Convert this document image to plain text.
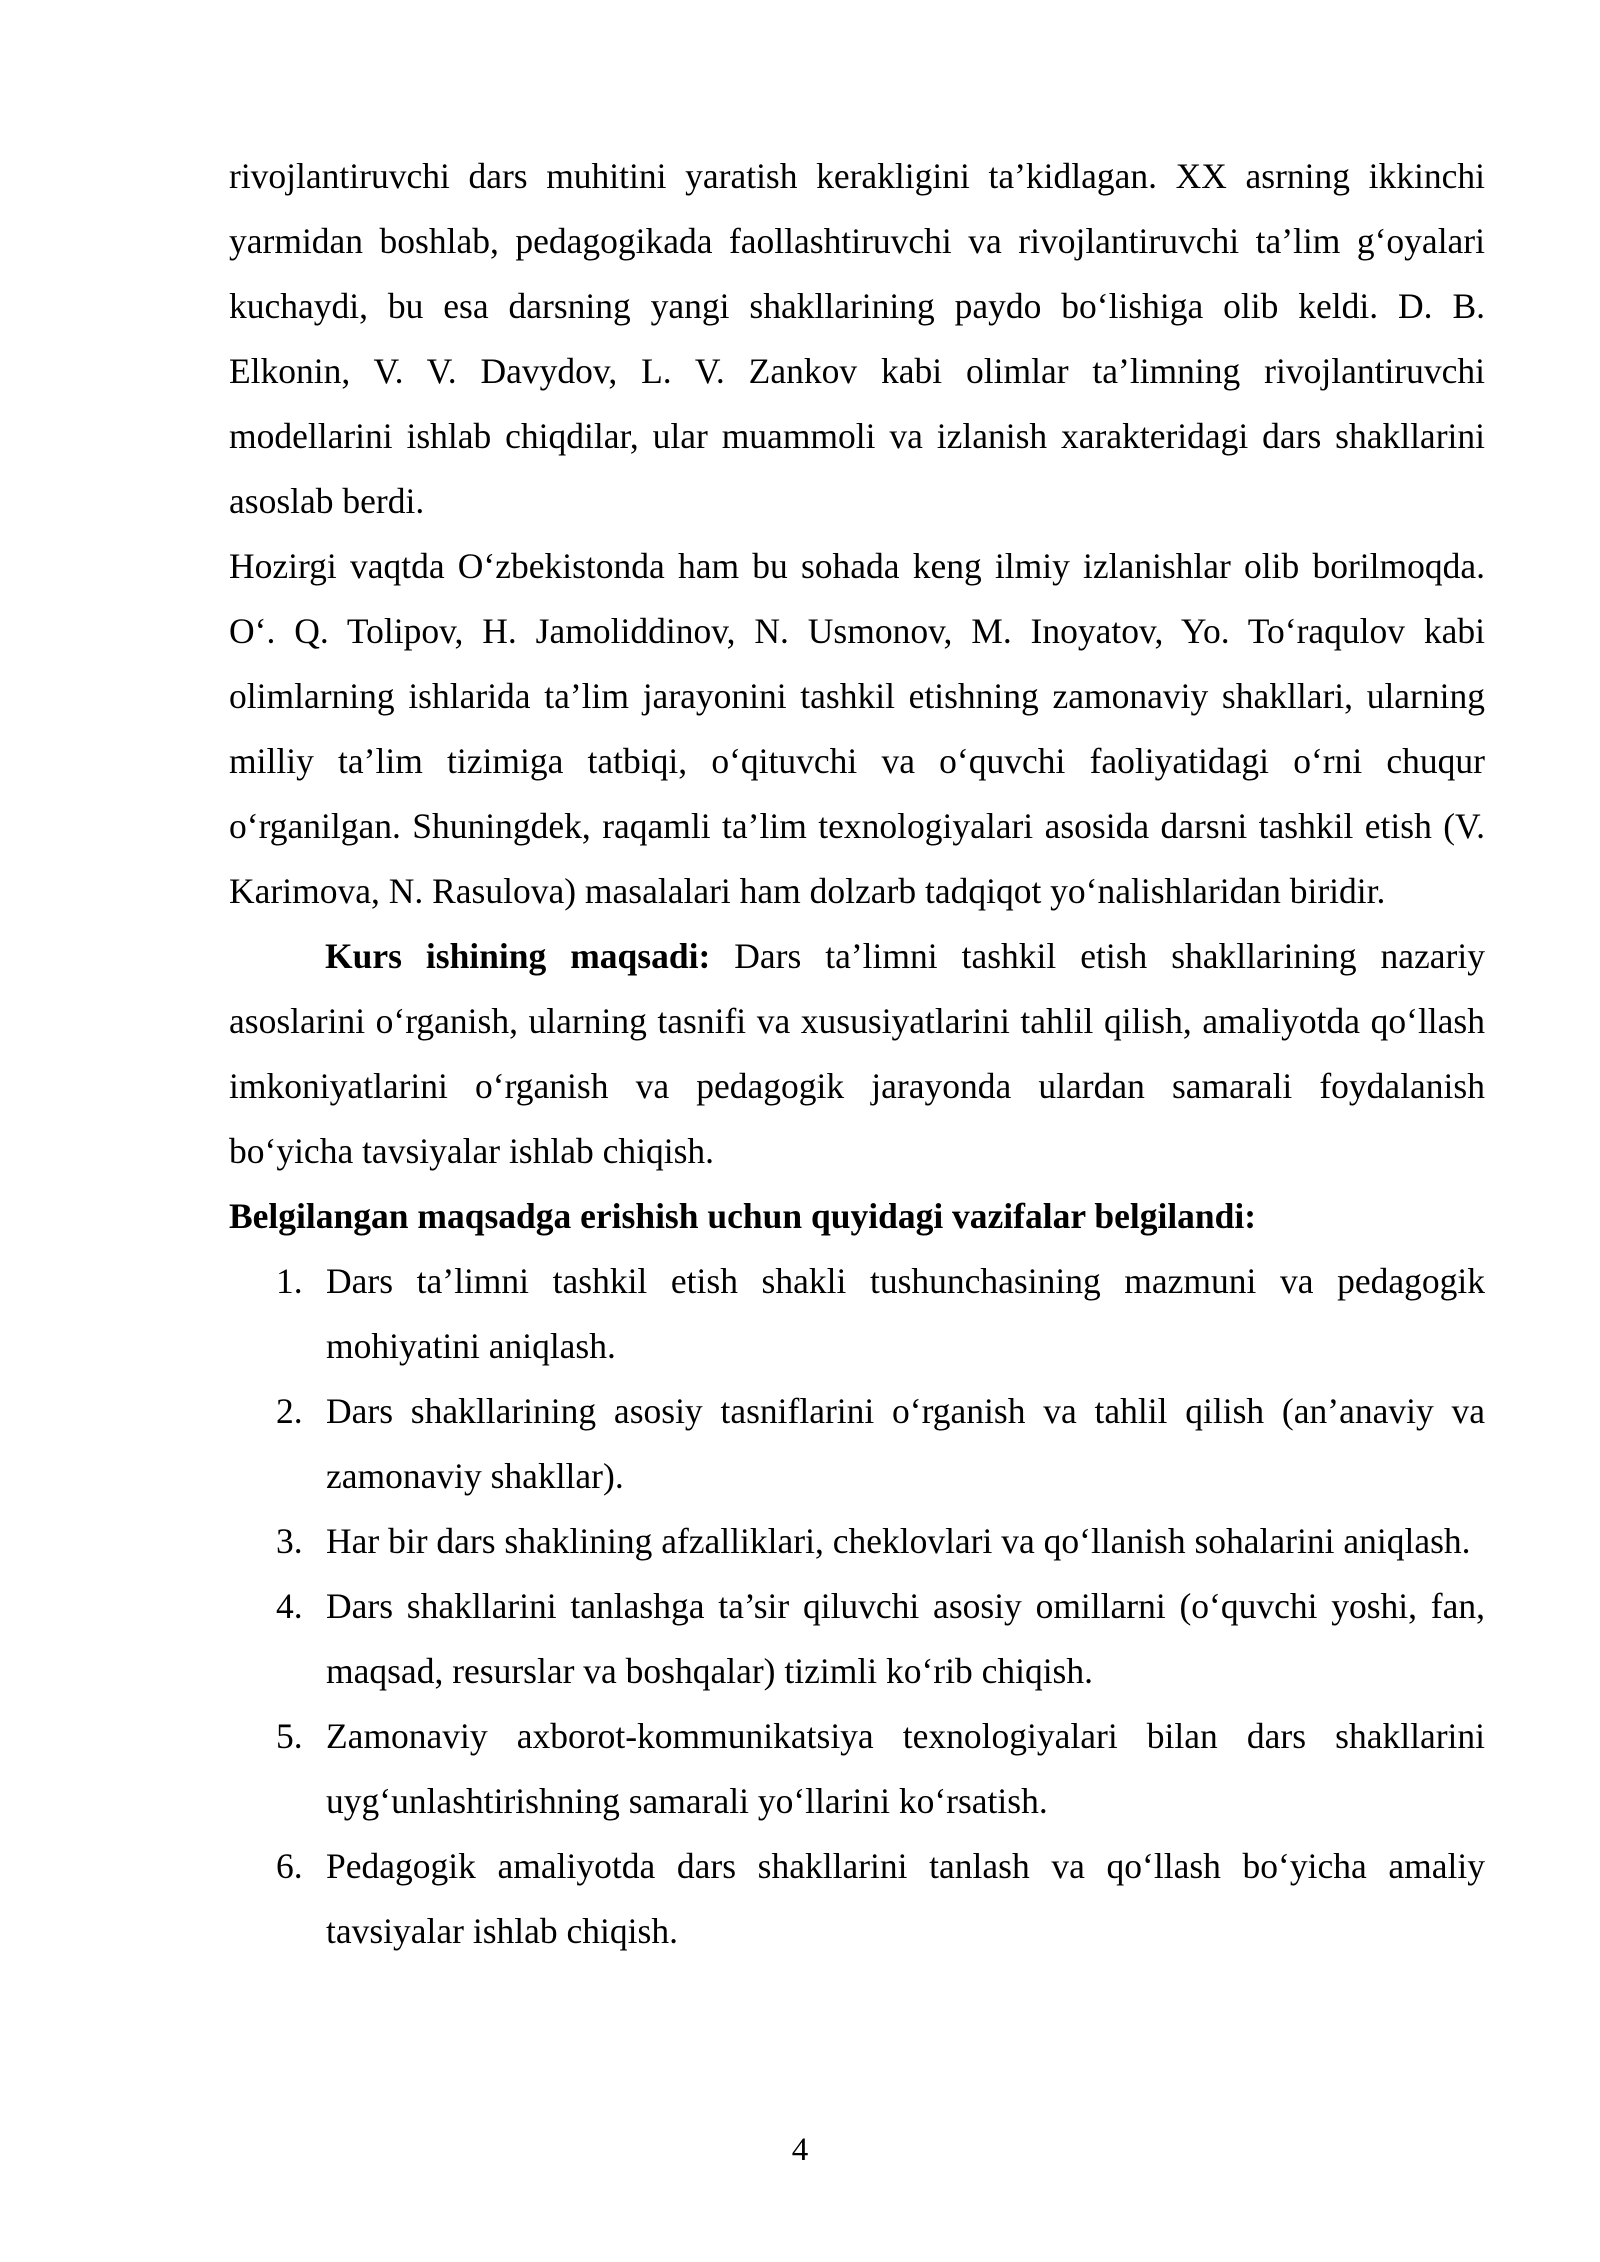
rivojlantiruvchi dars muhitini yaratish kerakligini ta’kidlagan. XX asrning ikkinchi yarmidan boshlab, pedagogikada faollashtiruvchi va rivojlantiruvchi ta’lim g‘oyalari kuchaydi, bu esa darsning yangi shakllarining paydo bo‘lishiga olib keldi. D. B. Elkonin, V. V. Davydov, L. V. Zankov kabi olimlar ta’limning rivojlantiruvchi modellarini ishlab chiqdilar, ular muammoli va izlanish xarakteridagi dars shakllarini asoslab berdi.

Hozirgi vaqtda O‘zbekistonda ham bu sohada keng ilmiy izlanishlar olib borilmoqda. O‘. Q. Tolipov, H. Jamoliddinov, N. Usmonov, M. Inoyatov, Yo. To‘raqulov kabi olimlarning ishlarida ta’lim jarayonini tashkil etishning zamonaviy shakllari, ularning milliy ta’lim tizimiga tatbiqi, o‘qituvchi va o‘quvchi faoliyatidagi o‘rni chuqur o‘rganilgan. Shuningdek, raqamli ta’lim texnologiyalari asosida darsni tashkil etish (V. Karimova, N. Rasulova) masalalari ham dolzarb tadqiqot yo‘nalishlaridan biridir.

Kurs ishining maqsadi: Dars ta’limni tashkil etish shakllarining nazariy asoslarini o‘rganish, ularning tasnifi va xususiyatlarini tahlil qilish, amaliyotda qo‘llash imkoniyatlarini o‘rganish va pedagogik jarayonda ulardan samarali foydalanish bo‘yicha tavsiyalar ishlab chiqish.

Belgilangan maqsadga erishish uchun quyidagi vazifalar belgilandi:

1. Dars ta’limni tashkil etish shakli tushunchasining mazmuni va pedagogik mohiyatini aniqlash.
2. Dars shakllarining asosiy tasniflarini o‘rganish va tahlil qilish (an’anaviy va zamonaviy shakllar).
3. Har bir dars shaklining afzalliklari, cheklovlari va qo‘llanish sohalarini aniqlash.
4. Dars shakllarini tanlashga ta’sir qiluvchi asosiy omillarni (o‘quvchi yoshi, fan, maqsad, resurslar va boshqalar) tizimli ko‘rib chiqish.
5. Zamonaviy axborot-kommunikatsiya texnologiyalari bilan dars shakllarini uyg‘unlashtirishning samarali yo‘llarini ko‘rsatish.
6. Pedagogik amaliyotda dars shakllarini tanlash va qo‘llash bo‘yicha amaliy tavsiyalar ishlab chiqish.
4
